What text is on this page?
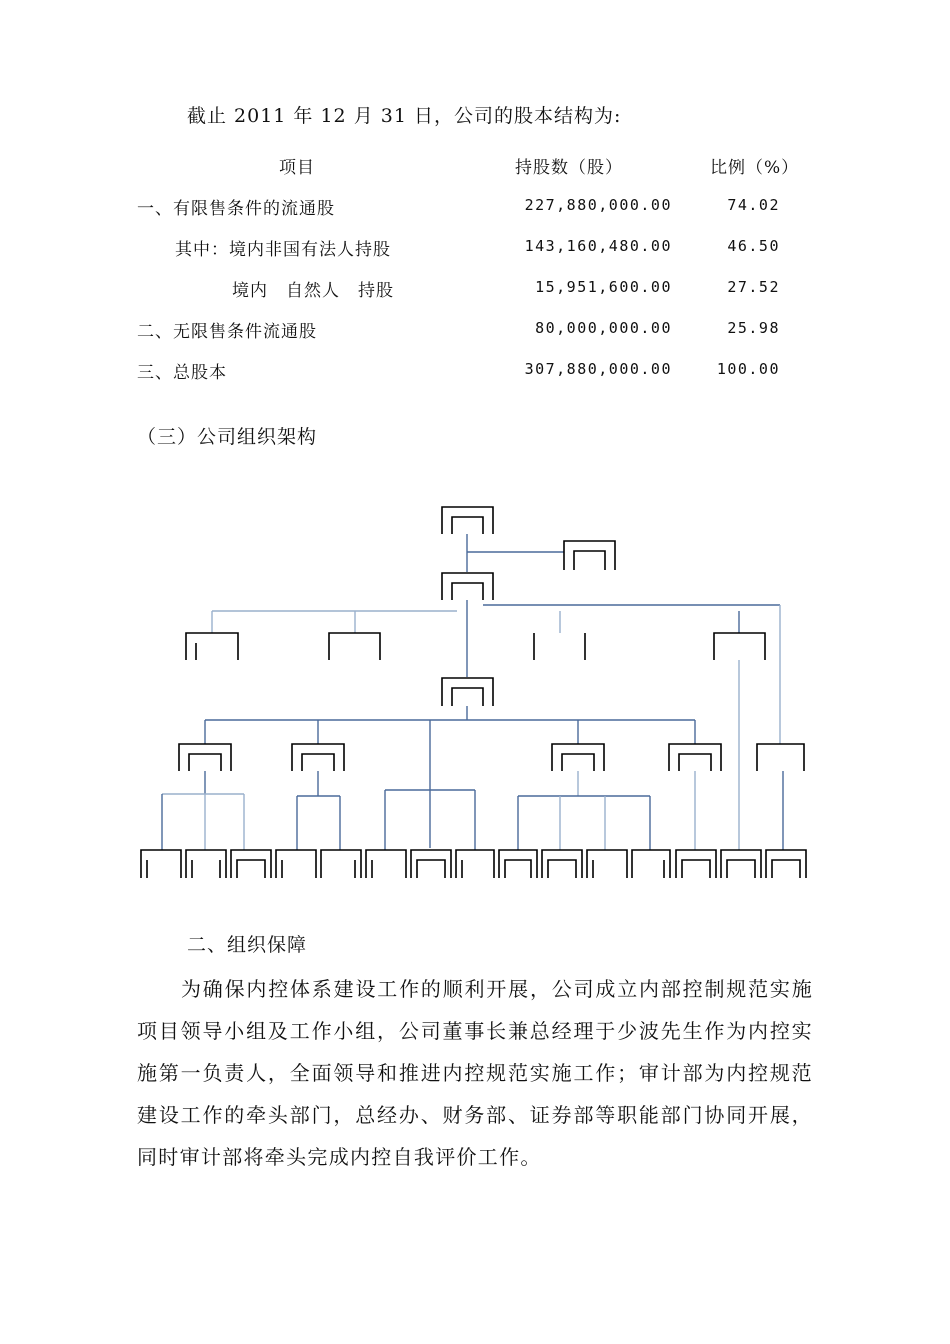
截止 2011 年 12 月 31 日，公司的股本结构为:
项目	持股数（股）	比例（%）
一、有限售条件的流通股	227,880,000.00	74.02
其中：境内非国有法人持股	143,160,480.00	46.50
境内　自然人　持股	15,951,600.00	27.52
二、无限售条件流通股	80,000,000.00	25.98
三、总股本	307,880,000.00	100.00
（三）公司组织架构
二、组织保障
为确保内控体系建设工作的顺利开展，公司成立内部控制规范实施项目领导小组及工作小组，公司董事长兼总经理于少波先生作为内控实施第一负责人，全面领导和推进内控规范实施工作；审计部为内控规范建设工作的牵头部门，总经办、财务部、证券部等职能部门协同开展，同时审计部将牵头完成内控自我评价工作。
